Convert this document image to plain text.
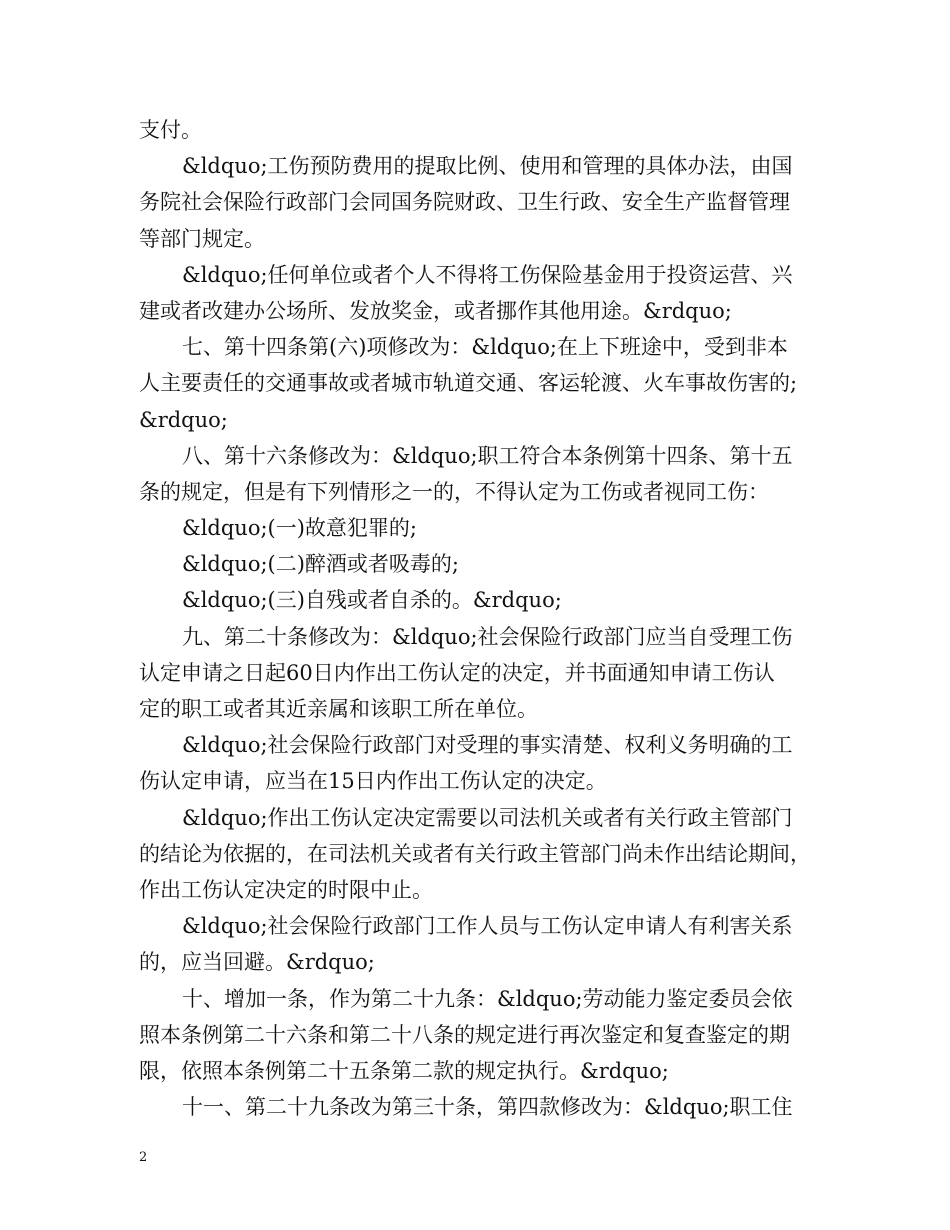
支付。
&ldquo;工伤预防费用的提取比例、使用和管理的具体办法，由国
务院社会保险行政部门会同国务院财政、卫生行政、安全生产监督管理
等部门规定。
&ldquo;任何单位或者个人不得将工伤保险基金用于投资运营、兴
建或者改建办公场所、发放奖金，或者挪作其他用途。&rdquo;
七、第十四条第(六)项修改为：&ldquo;在上下班途中，受到非本
人主要责任的交通事故或者城市轨道交通、客运轮渡、火车事故伤害的;
&rdquo;
八、第十六条修改为：&ldquo;职工符合本条例第十四条、第十五
条的规定，但是有下列情形之一的，不得认定为工伤或者视同工伤：
&ldquo;(一)故意犯罪的;
&ldquo;(二)醉酒或者吸毒的;
&ldquo;(三)自残或者自杀的。&rdquo;
九、第二十条修改为：&ldquo;社会保险行政部门应当自受理工伤
认定申请之日起60日内作出工伤认定的决定，并书面通知申请工伤认
定的职工或者其近亲属和该职工所在单位。
&ldquo;社会保险行政部门对受理的事实清楚、权利义务明确的工
伤认定申请，应当在15日内作出工伤认定的决定。
&ldquo;作出工伤认定决定需要以司法机关或者有关行政主管部门
的结论为依据的，在司法机关或者有关行政主管部门尚未作出结论期间，
作出工伤认定决定的时限中止。
&ldquo;社会保险行政部门工作人员与工伤认定申请人有利害关系
的，应当回避。&rdquo;
十、增加一条，作为第二十九条：&ldquo;劳动能力鉴定委员会依
照本条例第二十六条和第二十八条的规定进行再次鉴定和复查鉴定的期
限，依照本条例第二十五条第二款的规定执行。&rdquo;
十一、第二十九条改为第三十条，第四款修改为：&ldquo;职工住
2
